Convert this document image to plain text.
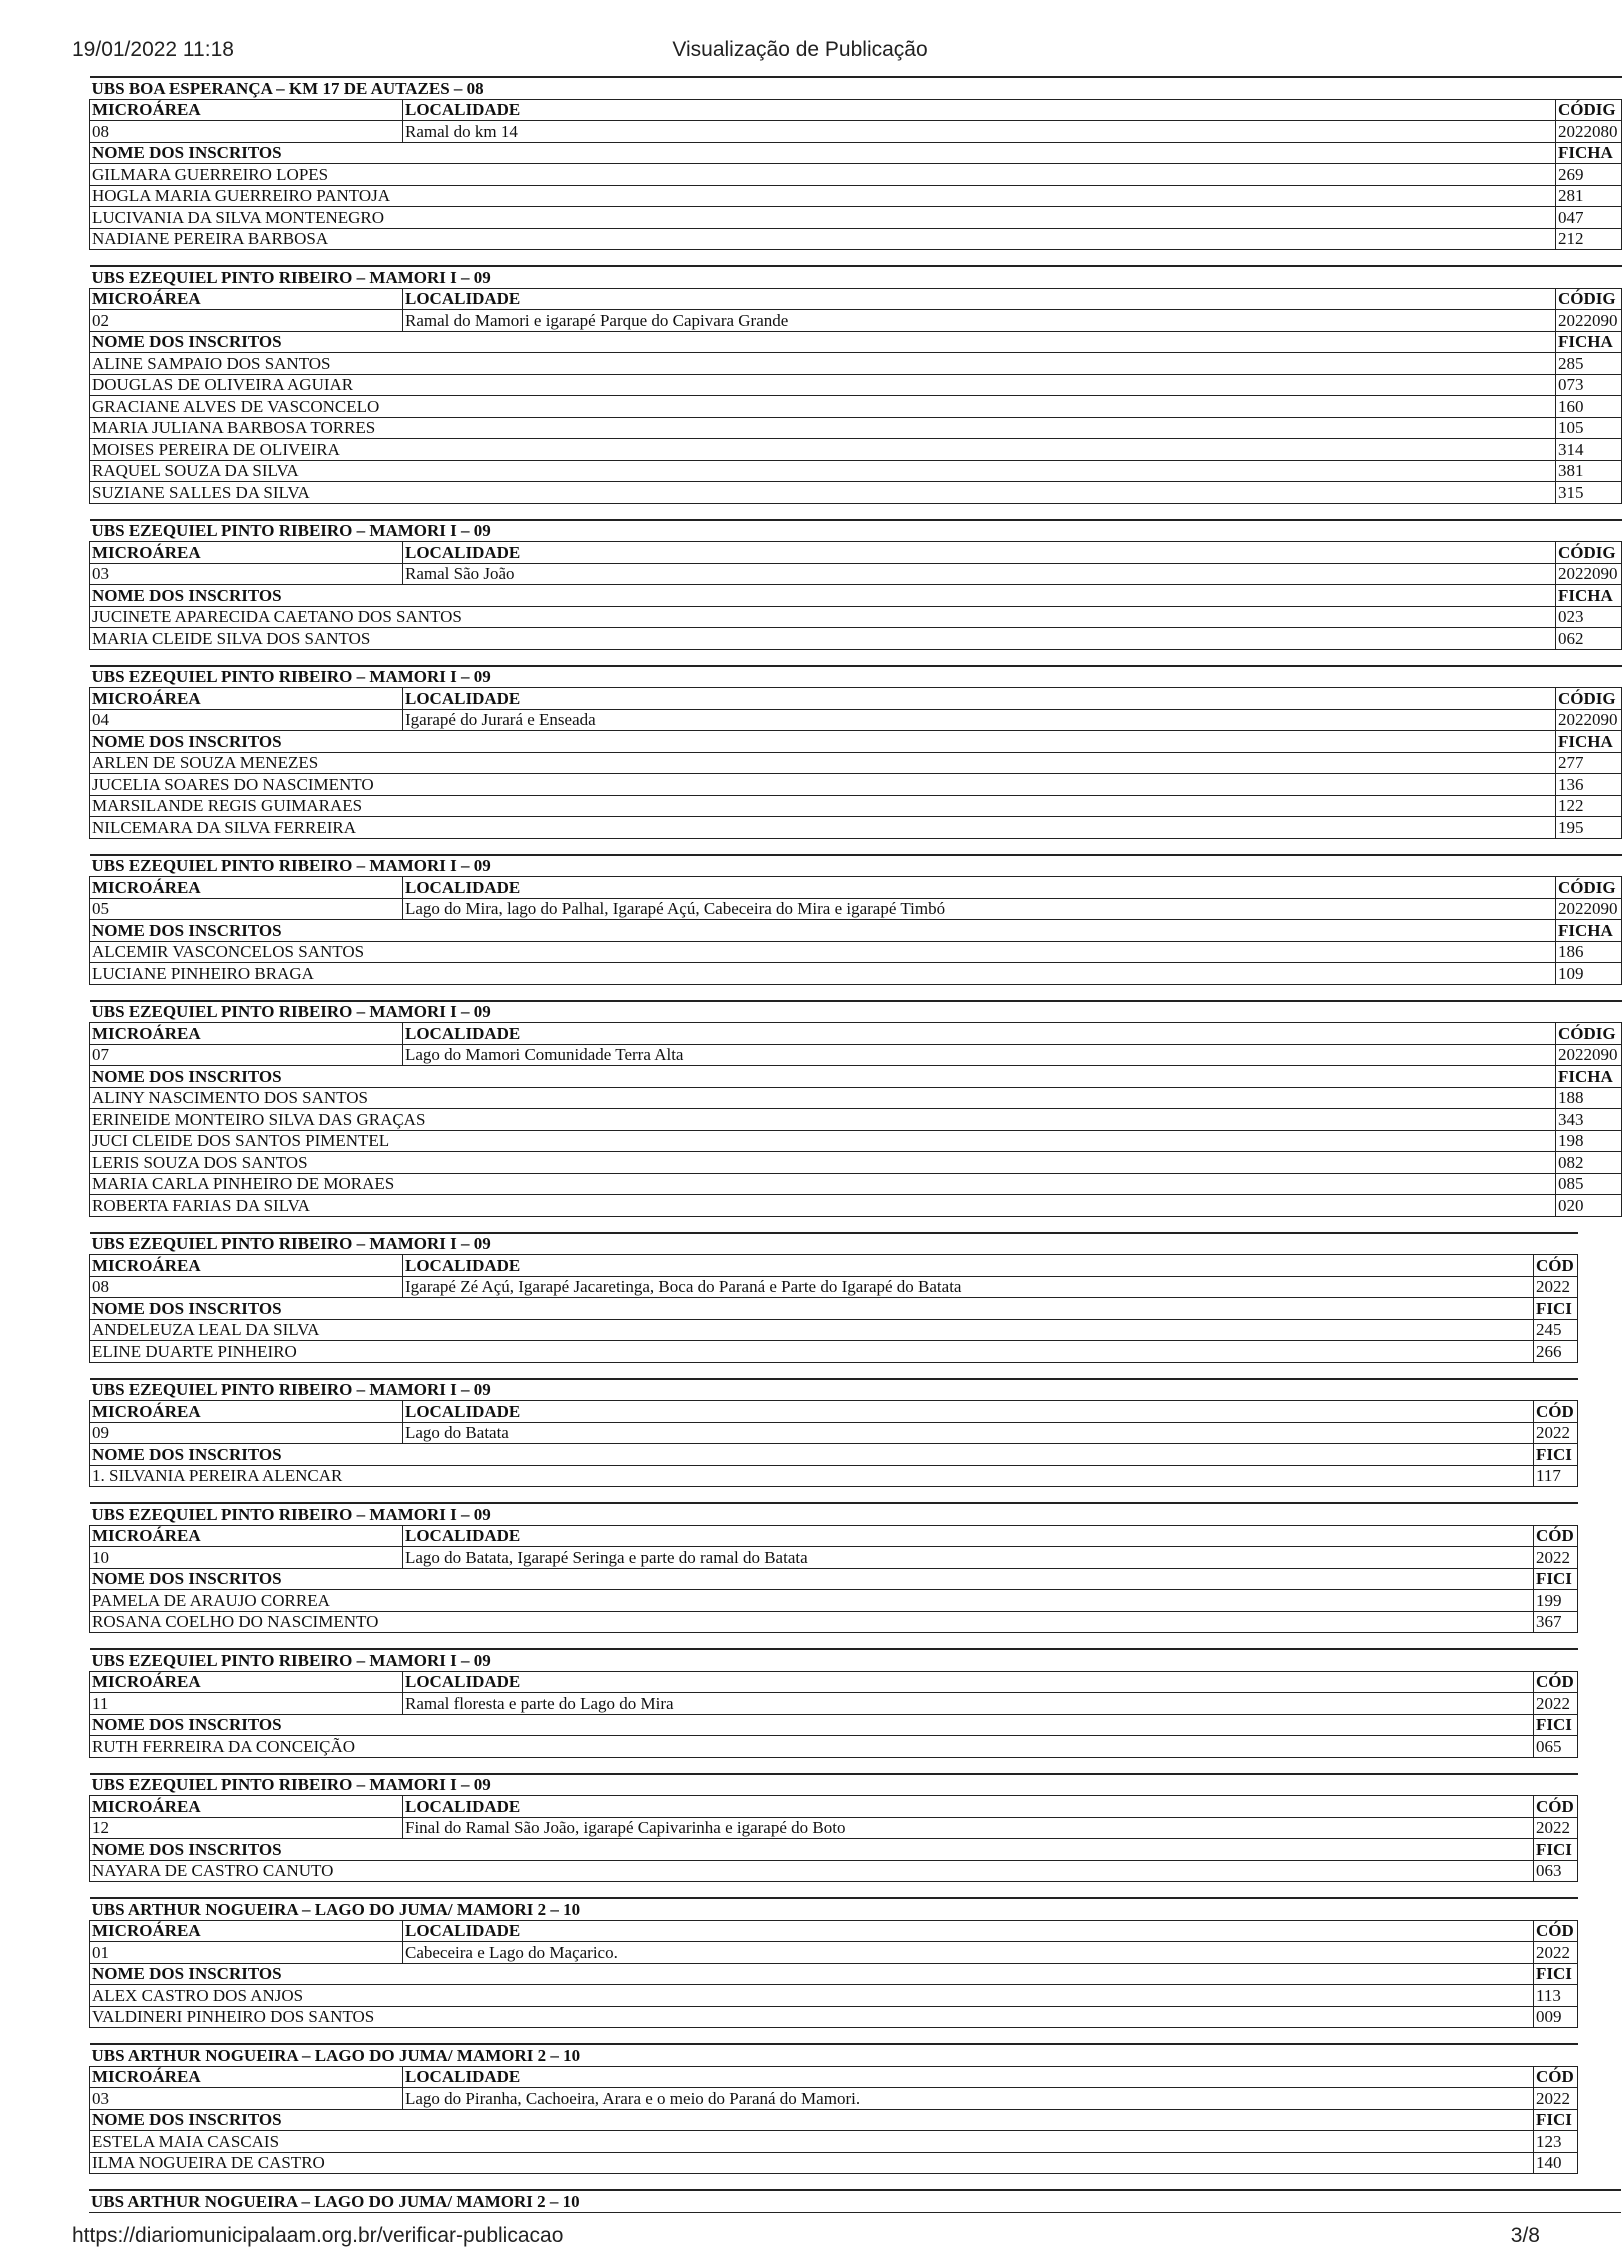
19/01/2022 11:18	Visualização de Publicação
UBS BOA ESPERANÇA – KM 17 DE AUTAZES – 08		
MICROÁREA	LOCALIDADE	CÓDIG
08	Ramal do km 14	2022080
NOME DOS INSCRITOS		FICHA
GILMARA GUERREIRO LOPES		269
HOGLA MARIA GUERREIRO PANTOJA		281
LUCIVANIA DA SILVA MONTENEGRO		047
NADIANE PEREIRA BARBOSA		212
UBS EZEQUIEL PINTO RIBEIRO – MAMORI I – 09		
MICROÁREA	LOCALIDADE	CÓDIG
02	Ramal do Mamori e igarapé Parque do Capivara Grande	2022090
NOME DOS INSCRITOS		FICHA
ALINE SAMPAIO DOS SANTOS		285
DOUGLAS DE OLIVEIRA AGUIAR		073
GRACIANE ALVES DE VASCONCELO		160
MARIA JULIANA BARBOSA TORRES		105
MOISES PEREIRA DE OLIVEIRA		314
RAQUEL SOUZA DA SILVA		381
SUZIANE SALLES DA SILVA		315
UBS EZEQUIEL PINTO RIBEIRO – MAMORI I – 09		
MICROÁREA	LOCALIDADE	CÓDIG
03	Ramal São João	2022090
NOME DOS INSCRITOS		FICHA
JUCINETE APARECIDA CAETANO DOS SANTOS		023
MARIA CLEIDE SILVA DOS SANTOS		062
UBS EZEQUIEL PINTO RIBEIRO – MAMORI I – 09		
MICROÁREA	LOCALIDADE	CÓDIG
04	Igarapé do Jurará e Enseada	2022090
NOME DOS INSCRITOS		FICHA
ARLEN DE SOUZA MENEZES		277
JUCELIA SOARES DO NASCIMENTO		136
MARSILANDE REGIS GUIMARAES		122
NILCEMARA DA SILVA FERREIRA		195
UBS EZEQUIEL PINTO RIBEIRO – MAMORI I – 09		
MICROÁREA	LOCALIDADE	CÓDIG
05	Lago do Mira, lago do Palhal, Igarapé Açú, Cabeceira do Mira e igarapé Timbó	2022090
NOME DOS INSCRITOS		FICHA
ALCEMIR VASCONCELOS SANTOS		186
LUCIANE PINHEIRO BRAGA		109
UBS EZEQUIEL PINTO RIBEIRO – MAMORI I – 09		
MICROÁREA	LOCALIDADE	CÓDIG
07	Lago do Mamori Comunidade Terra Alta	2022090
NOME DOS INSCRITOS		FICHA
ALINY NASCIMENTO DOS SANTOS		188
ERINEIDE MONTEIRO SILVA DAS GRAÇAS		343
JUCI CLEIDE DOS SANTOS PIMENTEL		198
LERIS SOUZA DOS SANTOS		082
MARIA CARLA PINHEIRO DE MORAES		085
ROBERTA FARIAS DA SILVA		020
UBS EZEQUIEL PINTO RIBEIRO – MAMORI I – 09		
MICROÁREA	LOCALIDADE	CÓD
08	Igarapé Zé Açú, Igarapé Jacaretinga, Boca do Paraná e Parte do Igarapé do Batata	2022
NOME DOS INSCRITOS		FICI
ANDELEUZA LEAL DA SILVA		245
ELINE DUARTE PINHEIRO		266
UBS EZEQUIEL PINTO RIBEIRO – MAMORI I – 09		
MICROÁREA	LOCALIDADE	CÓD
09	Lago do Batata	2022
NOME DOS INSCRITOS		FICI
1. SILVANIA PEREIRA ALENCAR		117
UBS EZEQUIEL PINTO RIBEIRO – MAMORI I – 09		
MICROÁREA	LOCALIDADE	CÓD
10	Lago do Batata, Igarapé Seringa e parte do ramal do Batata	2022
NOME DOS INSCRITOS		FICI
PAMELA DE ARAUJO CORREA		199
ROSANA COELHO DO NASCIMENTO		367
UBS EZEQUIEL PINTO RIBEIRO – MAMORI I – 09		
MICROÁREA	LOCALIDADE	CÓD
11	Ramal floresta e parte do Lago do Mira	2022
NOME DOS INSCRITOS		FICI
RUTH FERREIRA DA CONCEIÇÃO		065
UBS EZEQUIEL PINTO RIBEIRO – MAMORI I – 09		
MICROÁREA	LOCALIDADE	CÓD
12	Final do Ramal São João, igarapé Capivarinha e igarapé do Boto	2022
NOME DOS INSCRITOS		FICI
NAYARA DE CASTRO CANUTO		063
UBS ARTHUR NOGUEIRA – LAGO DO JUMA/ MAMORI 2 – 10		
MICROÁREA	LOCALIDADE	CÓD
01	Cabeceira e Lago do Maçarico.	2022
NOME DOS INSCRITOS		FICI
ALEX CASTRO DOS ANJOS		113
VALDINERI PINHEIRO DOS SANTOS		009
UBS ARTHUR NOGUEIRA – LAGO DO JUMA/ MAMORI 2 – 10		
MICROÁREA	LOCALIDADE	CÓD
03	Lago do Piranha, Cachoeira, Arara e o meio do Paraná do Mamori.	2022
NOME DOS INSCRITOS		FICI
ESTELA MAIA CASCAIS		123
ILMA NOGUEIRA DE CASTRO		140
UBS ARTHUR NOGUEIRA – LAGO DO JUMA/ MAMORI 2 – 10
https://diariomunicipalaam.org.br/verificar-publicacao	3/8
